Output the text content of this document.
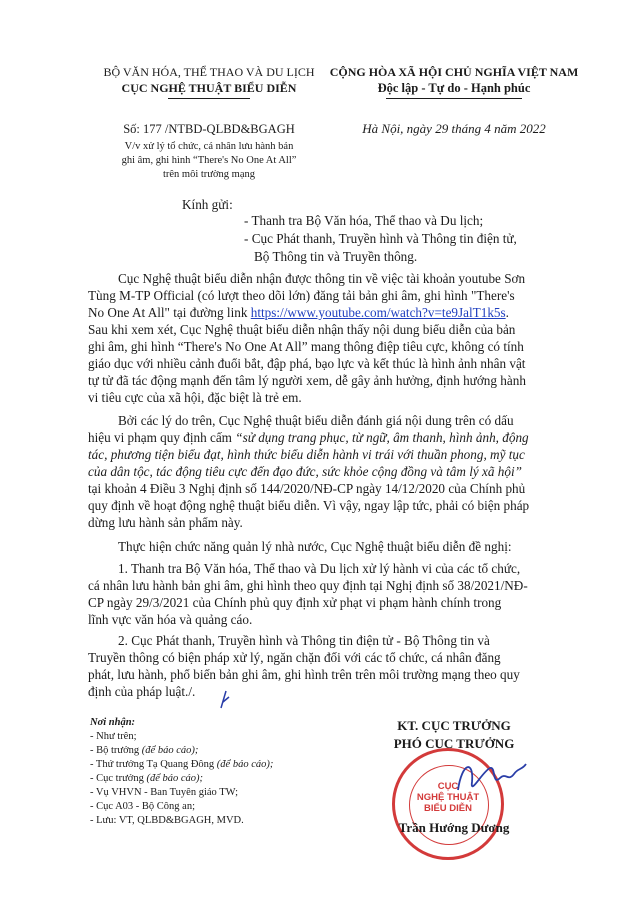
BỘ VĂN HÓA, THỂ THAO VÀ DU LỊCH
CỤC NGHỆ THUẬT BIỂU DIỄN
Số: 177 /NTBD-QLBD&BGAGH
V/v xử lý tổ chức, cá nhân lưu hành bản
ghi âm, ghi hình “There's No One At All”
trên môi trường mạng
CỘNG HÒA XÃ HỘI CHỦ NGHĨA VIỆT NAM
Độc lập - Tự do - Hạnh phúc
Hà Nội, ngày 29 tháng 4 năm 2022
Kính gửi:
- Thanh tra Bộ Văn hóa, Thể thao và Du lịch;
- Cục Phát thanh, Truyền hình và Thông tin điện tử,
Bộ Thông tin và Truyền thông.
Cục Nghệ thuật biểu diễn nhận được thông tin về việc tài khoản youtube Sơn
Tùng M-TP Official (có lượt theo dõi lớn) đăng tải bản ghi âm, ghi hình "There's
No One At All" tại đường link https://www.youtube.com/watch?v=te9JalT1k5s.
Sau khi xem xét, Cục Nghệ thuật biểu diễn nhận thấy nội dung biểu diễn của bản
ghi âm, ghi hình “There's No One At All” mang thông điệp tiêu cực, không có tính
giáo dục với nhiều cảnh đuổi bắt, đập phá, bạo lực và kết thúc là hình ảnh nhân vật
tự tử đã tác động mạnh đến tâm lý người xem, dễ gây ảnh hưởng, định hướng hành
vi tiêu cực của xã hội, đặc biệt là trẻ em.
Bởi các lý do trên, Cục Nghệ thuật biểu diễn đánh giá nội dung trên có dấu
hiệu vi phạm quy định cấm “sử dụng trang phục, từ ngữ, âm thanh, hình ảnh, động
tác, phương tiện biểu đạt, hình thức biểu diễn hành vi trái với thuần phong, mỹ tục
của dân tộc, tác động tiêu cực đến đạo đức, sức khỏe cộng đồng và tâm lý xã hội”
tại khoản 4 Điều 3 Nghị định số 144/2020/NĐ-CP ngày 14/12/2020 của Chính phủ
quy định về hoạt động nghệ thuật biểu diễn. Vì vậy, ngay lập tức, phải có biện pháp
dừng lưu hành sản phẩm này.
Thực hiện chức năng quản lý nhà nước, Cục Nghệ thuật biểu diễn đề nghị:
1. Thanh tra Bộ Văn hóa, Thể thao và Du lịch xử lý hành vi của các tổ chức,
cá nhân lưu hành bản ghi âm, ghi hình theo quy định tại Nghị định số 38/2021/NĐ-
CP ngày 29/3/2021 của Chính phủ quy định xử phạt vi phạm hành chính trong
lĩnh vực văn hóa và quảng cáo.
2. Cục Phát thanh, Truyền hình và Thông tin điện tử - Bộ Thông tin và
Truyền thông có biện pháp xử lý, ngăn chặn đối với các tổ chức, cá nhân đăng
phát, lưu hành, phổ biến bản ghi âm, ghi hình trên trên môi trường mạng theo quy
định của pháp luật./.
Nơi nhận:
- Như trên;
- Bộ trưởng (để báo cáo);
- Thứ trưởng Tạ Quang Đông (để báo cáo);
- Cục trưởng (để báo cáo);
- Vụ VHVN - Ban Tuyên giáo TW;
- Cục A03 - Bộ Công an;
- Lưu: VT, QLBD&BGAGH, MVD.
KT. CỤC TRƯỞNG
PHÓ CỤC TRƯỞNG
CỤC
NGHỆ THUẬT
BIỂU DIỄN
Trần Hướng Dương
